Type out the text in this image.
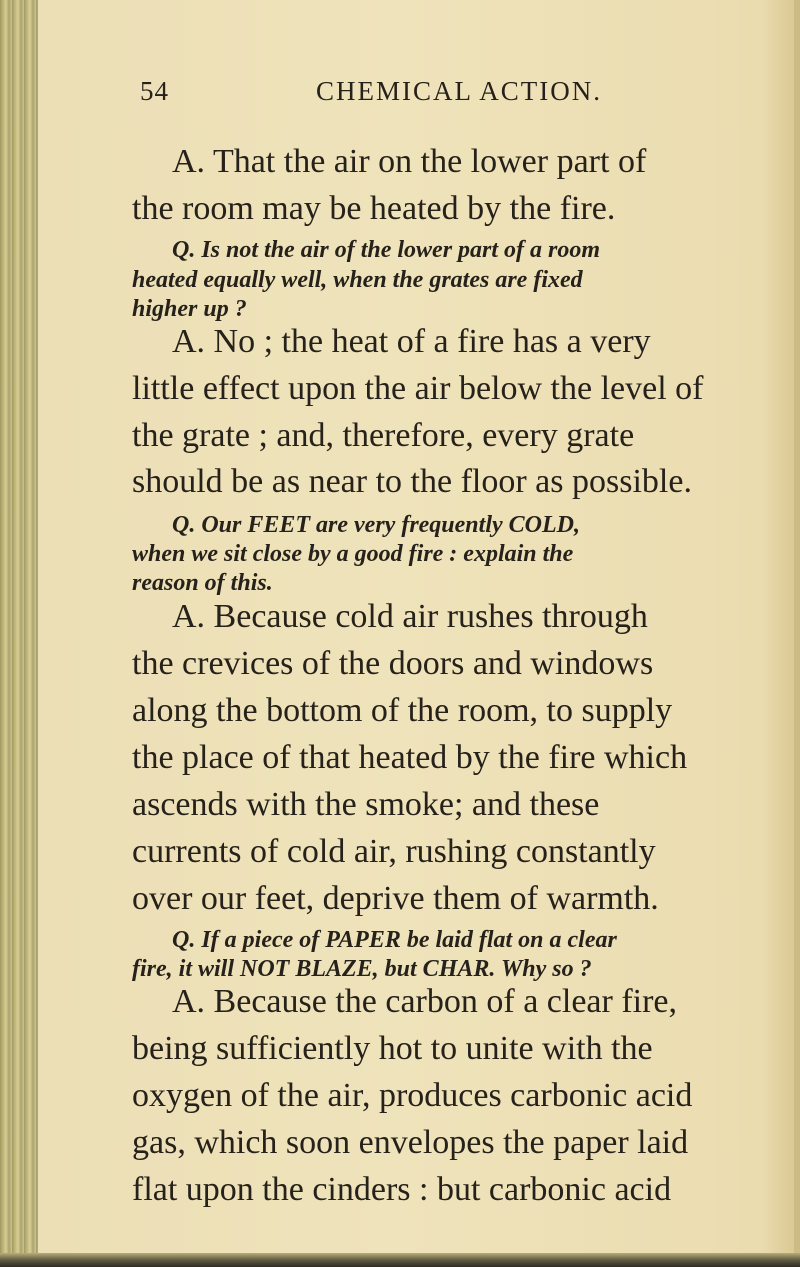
54	CHEMICAL ACTION.
A. That the air on the lower part of
the room may be heated by the fire.
Q. Is not the air of the lower part of a room
heated equally well, when the grates are fixed
higher up ?
A. No ; the heat of a fire has a very
little effect upon the air below the level of
the grate ; and, therefore, every grate
should be as near to the floor as possible.
Q. Our FEET are very frequently COLD,
when we sit close by a good fire : explain the
reason of this.
A. Because cold air rushes through
the crevices of the doors and windows
along the bottom of the room, to supply
the place of that heated by the fire which
ascends with the smoke; and these
currents of cold air, rushing constantly
over our feet, deprive them of warmth.
Q. If a piece of PAPER be laid flat on a clear
fire, it will NOT BLAZE, but CHAR. Why so ?
A. Because the carbon of a clear fire,
being sufficiently hot to unite with the
oxygen of the air, produces carbonic acid
gas, which soon envelopes the paper laid
flat upon the cinders : but carbonic acid
